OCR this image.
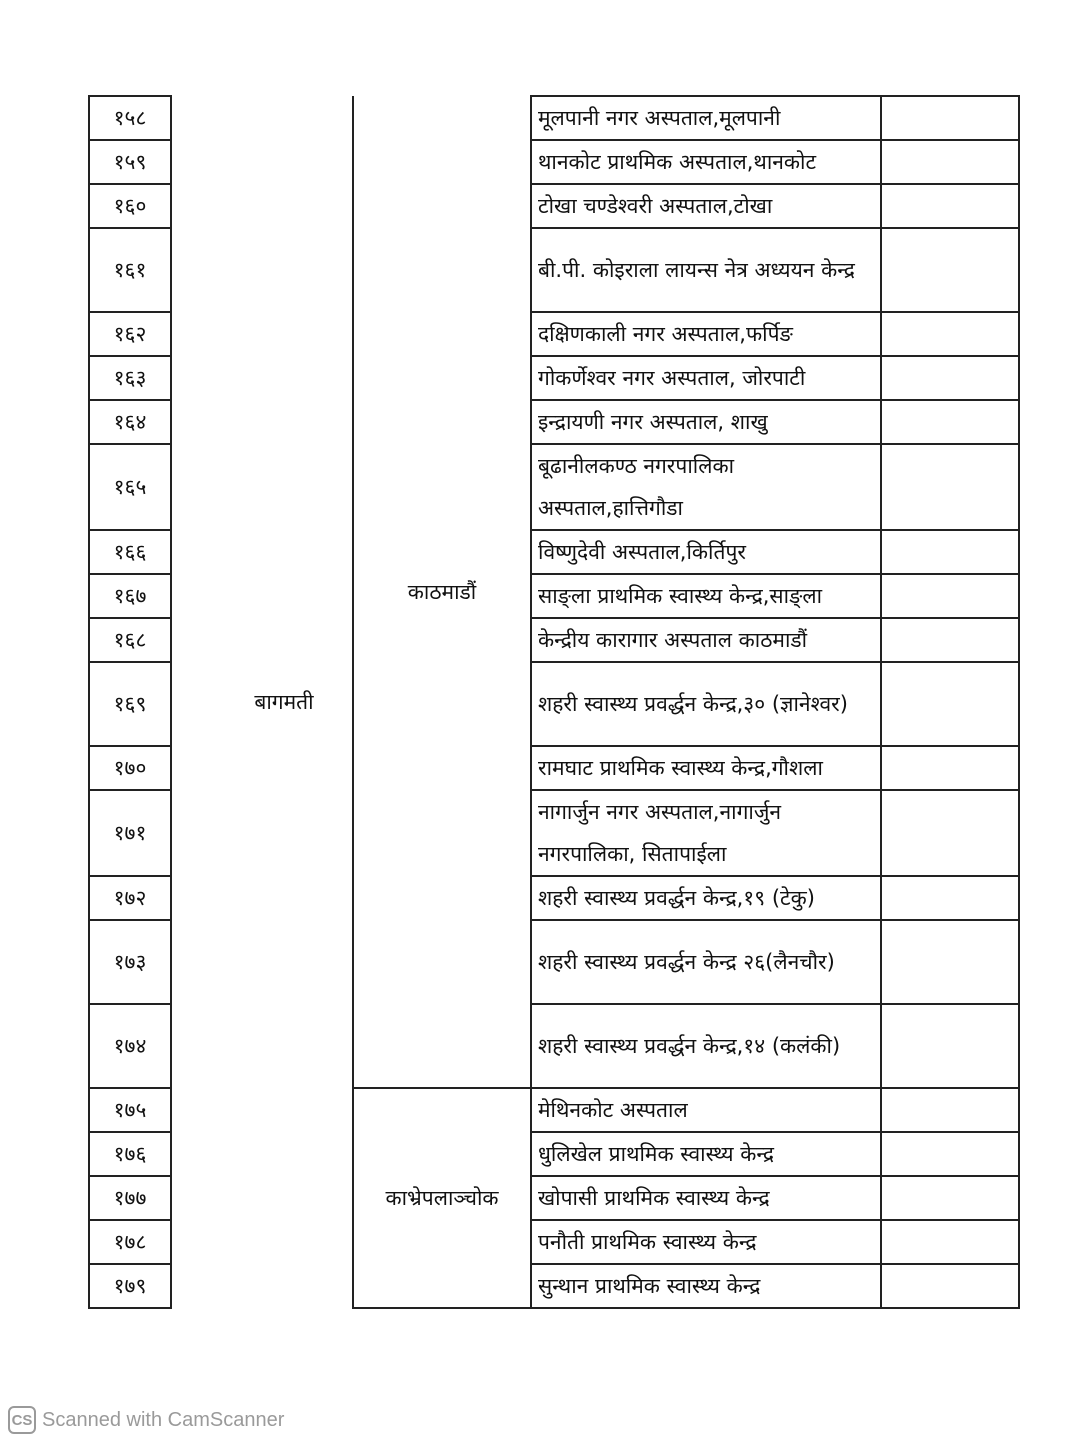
१५८		बागमती	काठमाडौं	मूलपानी नगर अस्पताल,मूलपानी	
१५९				थानकोट प्राथमिक अस्पताल,थानकोट	
१६०				टोखा चण्डेश्वरी अस्पताल,टोखा	
१६१				बी.पी. कोइराला लायन्स नेत्र अध्ययन केन्द्र	
१६२				दक्षिणकाली नगर अस्पताल,फर्पिङ	
१६३				गोकर्णेश्वर नगर अस्पताल, जोरपाटी	
१६४				इन्द्रायणी नगर अस्पताल, शाखु	
१६५				बूढानीलकण्ठ नगरपालिका अस्पताल,हात्तिगौडा	
१६६				विष्णुदेवी अस्पताल,किर्तिपुर	
१६७				साङ्ला प्राथमिक स्वास्थ्य केन्द्र,साङ्ला	
१६८				केन्द्रीय कारागार अस्पताल काठमाडौं	
१६९				शहरी स्वास्थ्य प्रवर्द्धन केन्द्र,३० (ज्ञानेश्वर)	
१७०				रामघाट प्राथमिक स्वास्थ्य केन्द्र,गौशला	
१७१				नागार्जुन नगर अस्पताल,नागार्जुन नगरपालिका, सितापाईला	
१७२				शहरी स्वास्थ्य प्रवर्द्धन केन्द्र,१९ (टेकु)	
१७३				शहरी स्वास्थ्य प्रवर्द्धन केन्द्र २६(लैनचौर)	
१७४				शहरी स्वास्थ्य प्रवर्द्धन केन्द्र,१४ (कलंकी)	
१७५			काभ्रेपलाञ्चोक	मेथिनकोट अस्पताल	
१७६				धुलिखेल प्राथमिक स्वास्थ्य केन्द्र	
१७७				खोपासी प्राथमिक स्वास्थ्य केन्द्र	
१७८				पनौती प्राथमिक स्वास्थ्य केन्द्र	
१७९				सुन्थान प्राथमिक स्वास्थ्य केन्द्र	
CS Scanned with CamScanner
